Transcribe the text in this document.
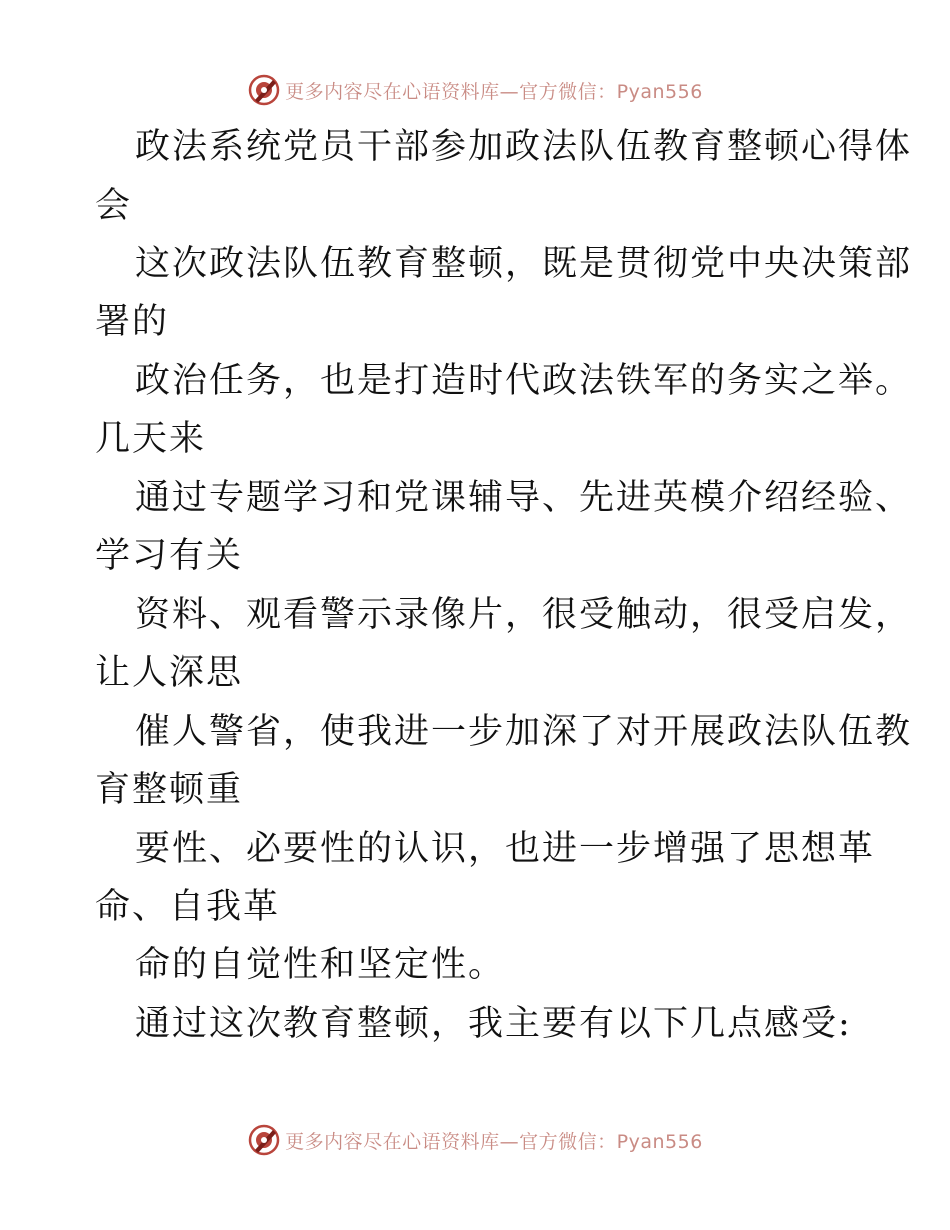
更多内容尽在心语资料库—官方微信：Pyan556

政法系统党员干部参加政法队伍教育整顿心得体

会

这次政法队伍教育整顿，既是贯彻党中央决策部

署的

政治任务，也是打造时代政法铁军的务实之举。

几天来

通过专题学习和党课辅导、先进英模介绍经验、

学习有关

资料、观看警示录像片，很受触动，很受启发，

让人深思

催人警省，使我进一步加深了对开展政法队伍教

育整顿重

要性、必要性的认识，也进一步增强了思想革

命、自我革

命的自觉性和坚定性。

通过这次教育整顿，我主要有以下几点感受:

更多内容尽在心语资料库—官方微信：Pyan556
